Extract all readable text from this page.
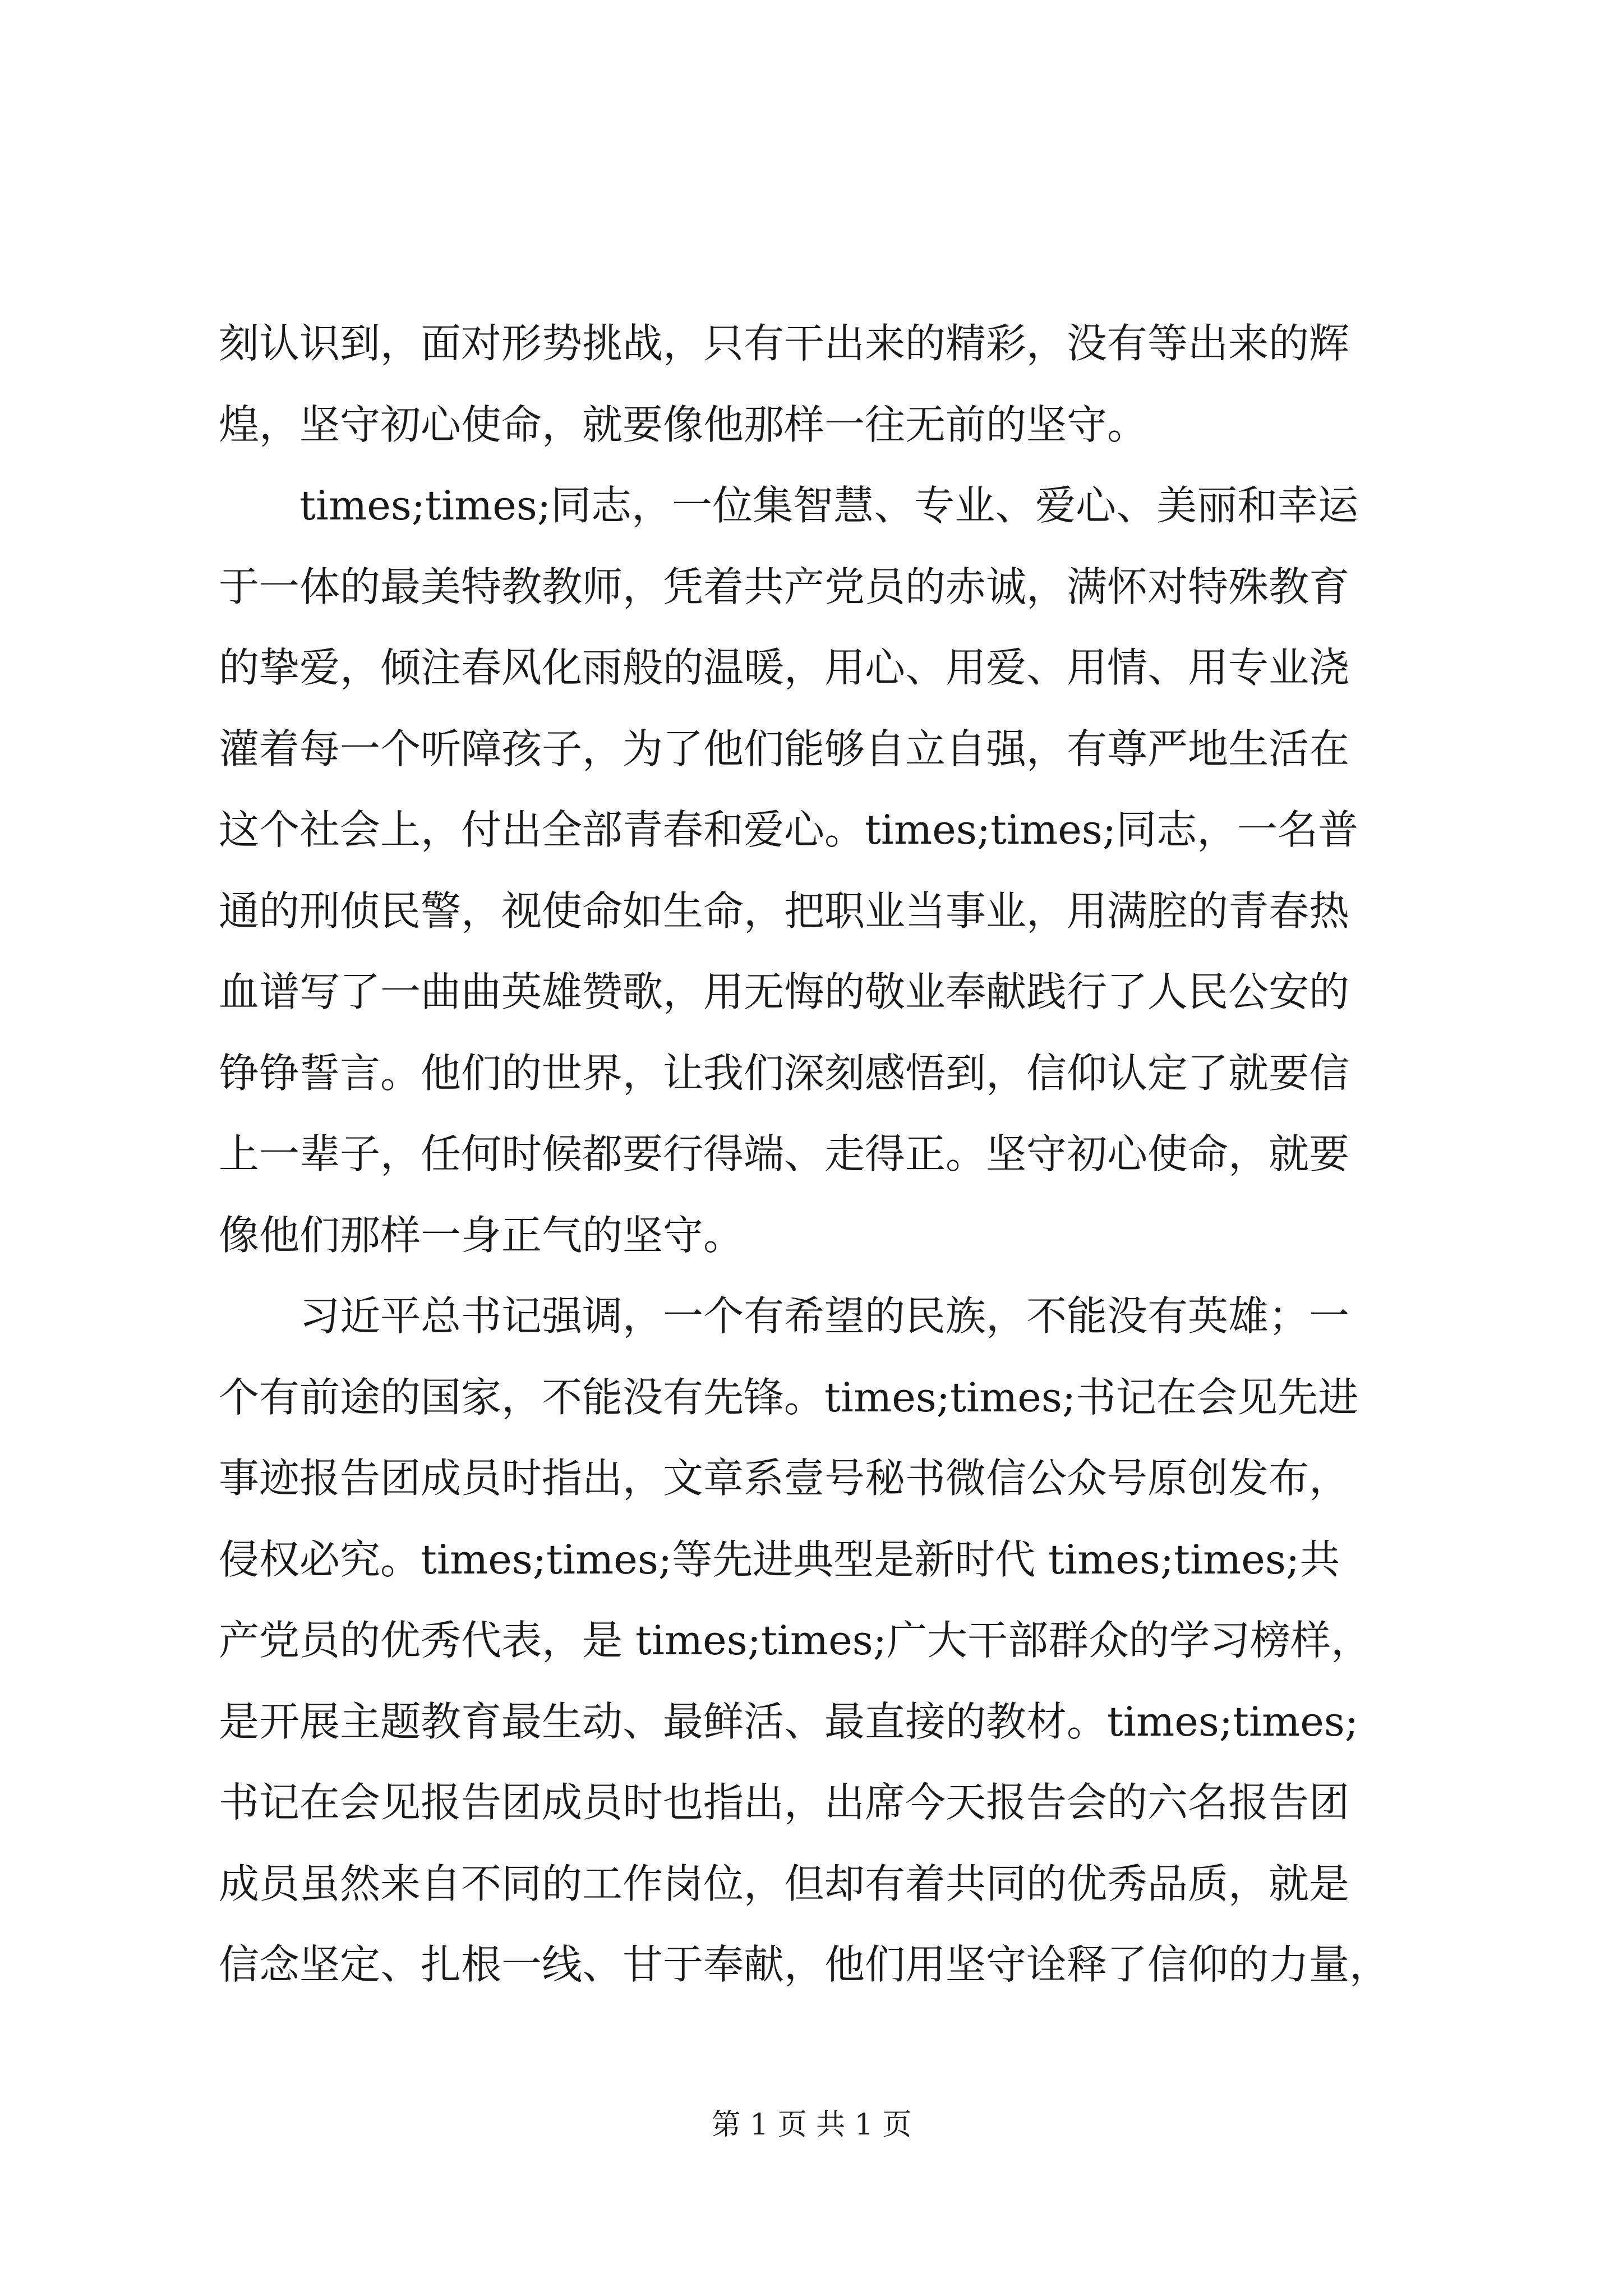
刻认识到，面对形势挑战，只有干出来的精彩，没有等出来的辉
煌，坚守初心使命，就要像他那样一往无前的坚守。
times;times;同志，一位集智慧、专业、爱心、美丽和幸运
于一体的最美特教教师，凭着共产党员的赤诚，满怀对特殊教育
的挚爱，倾注春风化雨般的温暖，用心、用爱、用情、用专业浇
灌着每一个听障孩子，为了他们能够自立自强，有尊严地生活在
这个社会上，付出全部青春和爱心。times;times;同志，一名普
通的刑侦民警，视使命如生命，把职业当事业，用满腔的青春热
血谱写了一曲曲英雄赞歌，用无悔的敬业奉献践行了人民公安的
铮铮誓言。他们的世界，让我们深刻感悟到，信仰认定了就要信
上一辈子，任何时候都要行得端、走得正。坚守初心使命，就要
像他们那样一身正气的坚守。
习近平总书记强调，一个有希望的民族，不能没有英雄；一
个有前途的国家，不能没有先锋。times;times;书记在会见先进
事迹报告团成员时指出，文章系壹号秘书微信公众号原创发布，
侵权必究。times;times;等先进典型是新时代 times;times;共
产党员的优秀代表，是 times;times;广大干部群众的学习榜样，
是开展主题教育最生动、最鲜活、最直接的教材。times;times;
书记在会见报告团成员时也指出，出席今天报告会的六名报告团
成员虽然来自不同的工作岗位，但却有着共同的优秀品质，就是
信念坚定、扎根一线、甘于奉献，他们用坚守诠释了信仰的力量，
第 1 页 共 1 页
